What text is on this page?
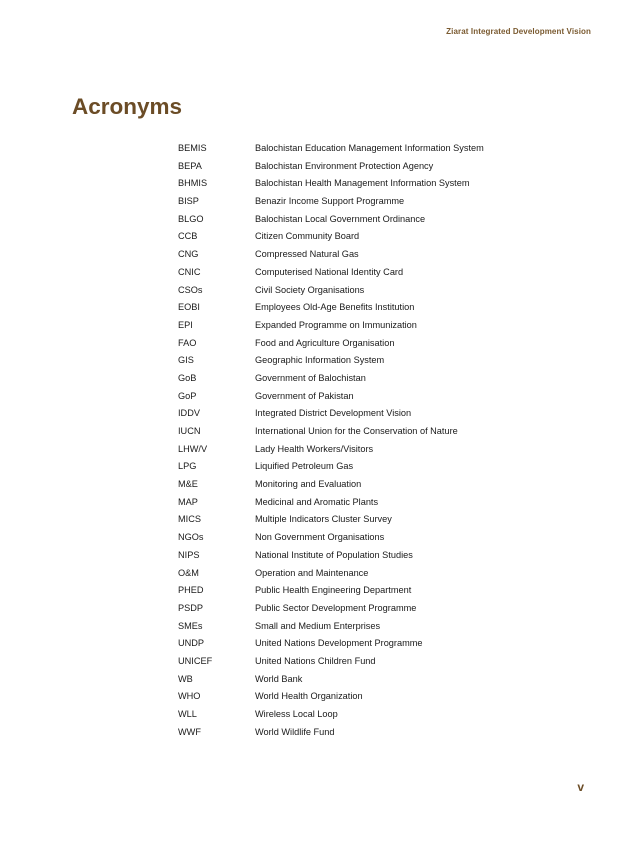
Ziarat Integrated Development Vision
Acronyms
BEMIS	Balochistan Education Management Information System
BEPA	Balochistan Environment Protection Agency
BHMIS	Balochistan Health Management Information System
BISP	Benazir Income Support Programme
BLGO	Balochistan Local Government Ordinance
CCB	Citizen Community Board
CNG	Compressed Natural Gas
CNIC	Computerised National Identity Card
CSOs	Civil Society Organisations
EOBI	Employees Old-Age Benefits Institution
EPI	Expanded Programme on Immunization
FAO	Food and Agriculture Organisation
GIS	Geographic Information System
GoB	Government of Balochistan
GoP	Government of Pakistan
IDDV	Integrated District Development Vision
IUCN	International Union for the Conservation of Nature
LHW/V	Lady Health Workers/Visitors
LPG	Liquified Petroleum Gas
M&E	Monitoring and Evaluation
MAP	Medicinal and Aromatic Plants
MICS	Multiple Indicators Cluster Survey
NGOs	Non Government Organisations
NIPS	National Institute of Population Studies
O&M	Operation and Maintenance
PHED	Public Health Engineering Department
PSDP	Public Sector Development Programme
SMEs	Small and Medium Enterprises
UNDP	United Nations Development Programme
UNICEF	United Nations Children Fund
WB	World Bank
WHO	World Health Organization
WLL	Wireless Local Loop
WWF	World Wildlife Fund
v
